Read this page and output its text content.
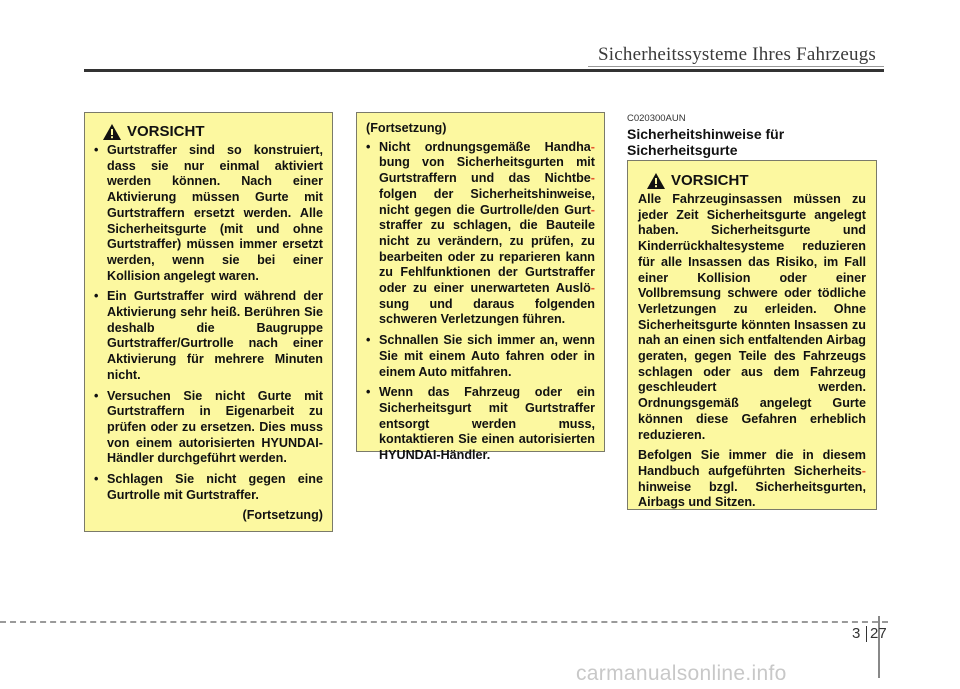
Sicherheitssysteme Ihres Fahrzeugs
VORSICHT
• Gurtstraffer sind so konstruiert, dass sie nur einmal aktiviert werden können. Nach einer Aktivierung müssen Gurte mit Gurtstraffern ersetzt werden. Alle Sicherheitsgurte (mit und ohne Gurtstraffer) müssen immer ersetzt werden, wenn sie bei einer Kollision angelegt waren.
• Ein Gurtstraffer wird während der Aktivierung sehr heiß. Berühren Sie deshalb die Baugruppe Gurtstraffer/Gurtrolle nach einer Aktivierung für mehrere Minuten nicht.
• Versuchen Sie nicht Gurte mit Gurtstraffern in Eigenarbeit zu prüfen oder zu ersetzen. Dies muss von einem autorisierten HYUNDAI-Händler durchgeführt werden.
• Schlagen Sie nicht gegen eine Gurtrolle mit Gurtstraffer.
(Fortsetzung)
(Fortsetzung)
• Nicht ordnungsgemäße Handha- bung von Sicherheitsgurten mit Gurtstraffern und das Nichtbe- folgen der Sicherheitshinweise, nicht gegen die Gurtrolle/den Gurt- straffer zu schlagen, die Bauteile nicht zu verändern, zu prüfen, zu bearbeiten oder zu reparieren kann zu Fehlfunktionen der Gurtstraffer oder zu einer unerwarteten Auslö- sung und daraus folgenden schweren Verletzungen führen.
• Schnallen Sie sich immer an, wenn Sie mit einem Auto fahren oder in einem Auto mitfahren.
• Wenn das Fahrzeug oder ein Sicherheitsgurt mit Gurtstraffer entsorgt werden muss, kontaktieren Sie einen autorisierten HYUNDAI-Händler.
C020300AUN
Sicherheitshinweise für
Sicherheitsgurte
VORSICHT

Alle Fahrzeuginsassen müssen zu jeder Zeit Sicherheitsgurte angelegt haben. Sicherheitsgurte und Kinderrückhaltesysteme reduzieren für alle Insassen das Risiko, im Fall einer Kollision oder einer Vollbremsung schwere oder tödliche Verletzungen zu erleiden. Ohne Sicherheitsgurte könnten Insassen zu nah an einen sich entfaltenden Airbag geraten, gegen Teile des Fahrzeugs schlagen oder aus dem Fahrzeug geschleudert werden. Ordnungsgemäß angelegt Gurte können diese Gefahren erheblich reduzieren.

Befolgen Sie immer die in diesem Handbuch aufgeführten Sicherheits- hinweise bzgl. Sicherheitsgurten, Airbags und Sitzen.

3 27
carmanualsonline.info
